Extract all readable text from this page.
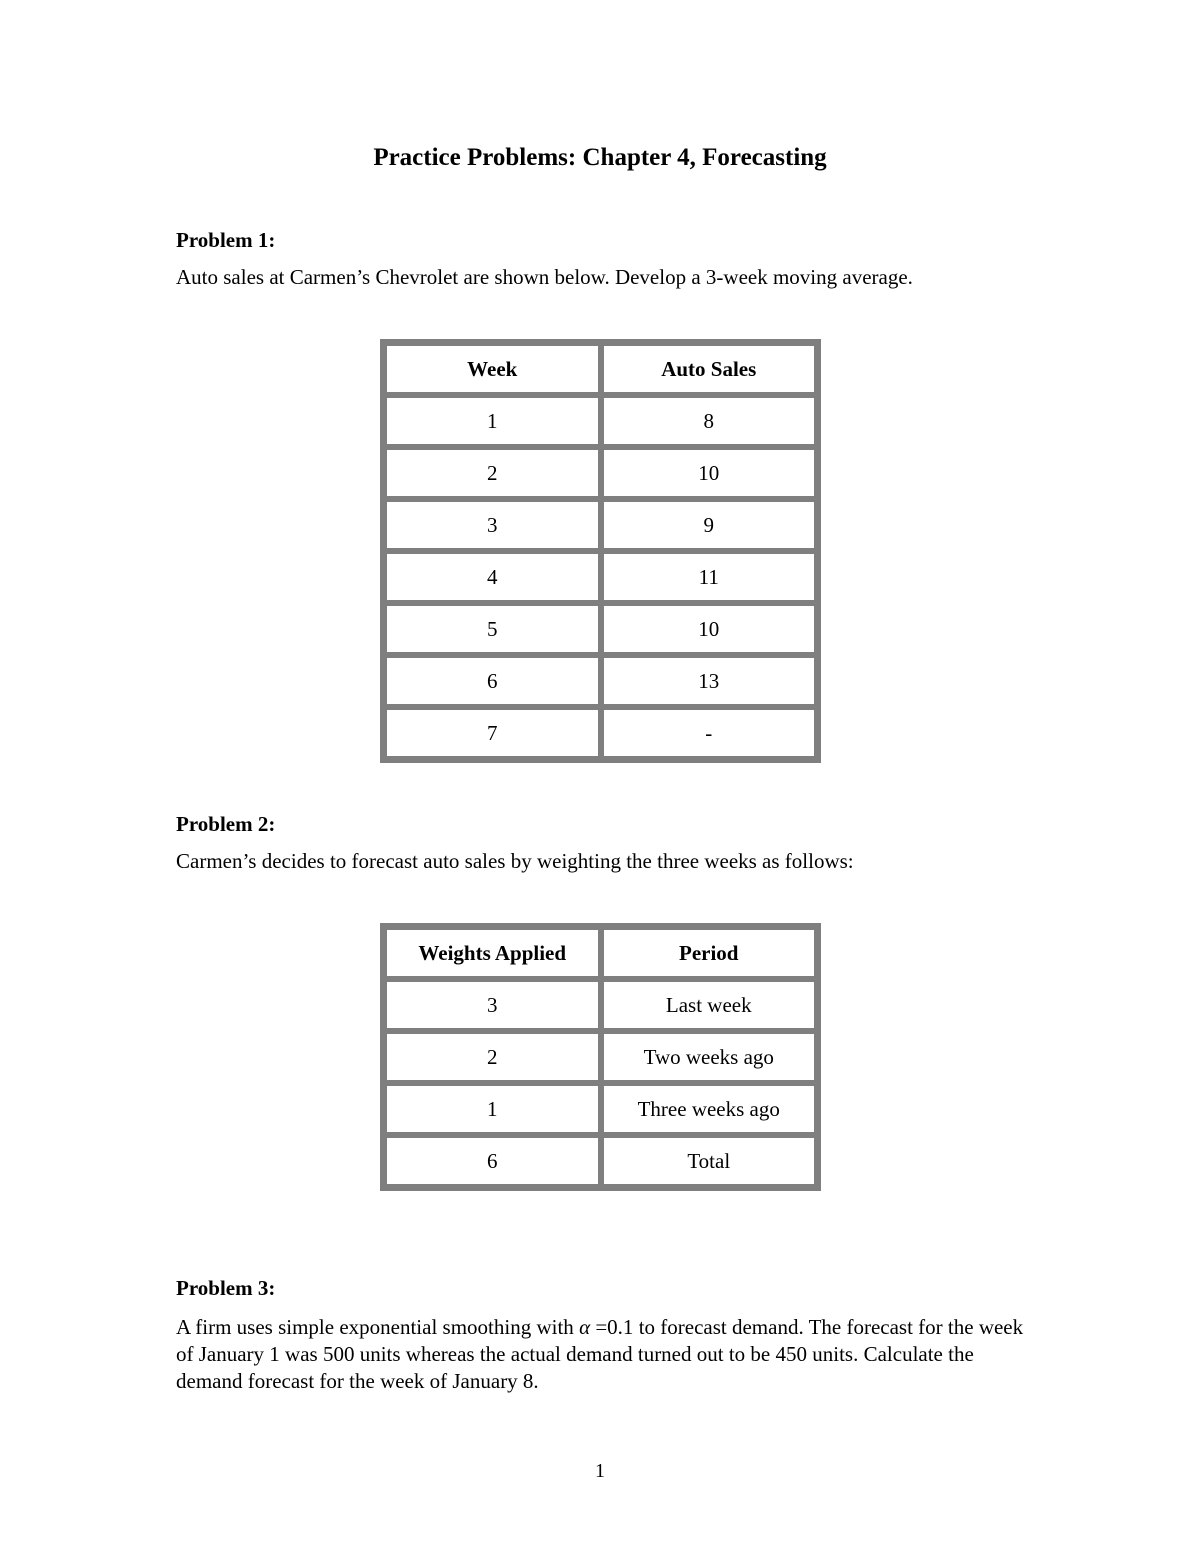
Practice Problems: Chapter 4, Forecasting
Problem 1:
Auto sales at Carmen’s Chevrolet are shown below. Develop a 3-week moving average.
Week	Auto Sales
1	8
2	10
3	9
4	11
5	10
6	13
7	-
Problem 2:
Carmen’s decides to forecast auto sales by weighting the three weeks as follows:
Weights Applied	Period
3	Last week
2	Two weeks ago
1	Three weeks ago
6	Total
Problem 3:
A firm uses simple exponential smoothing with α =0.1 to forecast demand. The forecast for the week of January 1 was 500 units whereas the actual demand turned out to be 450 units. Calculate the demand forecast for the week of January 8.
1
